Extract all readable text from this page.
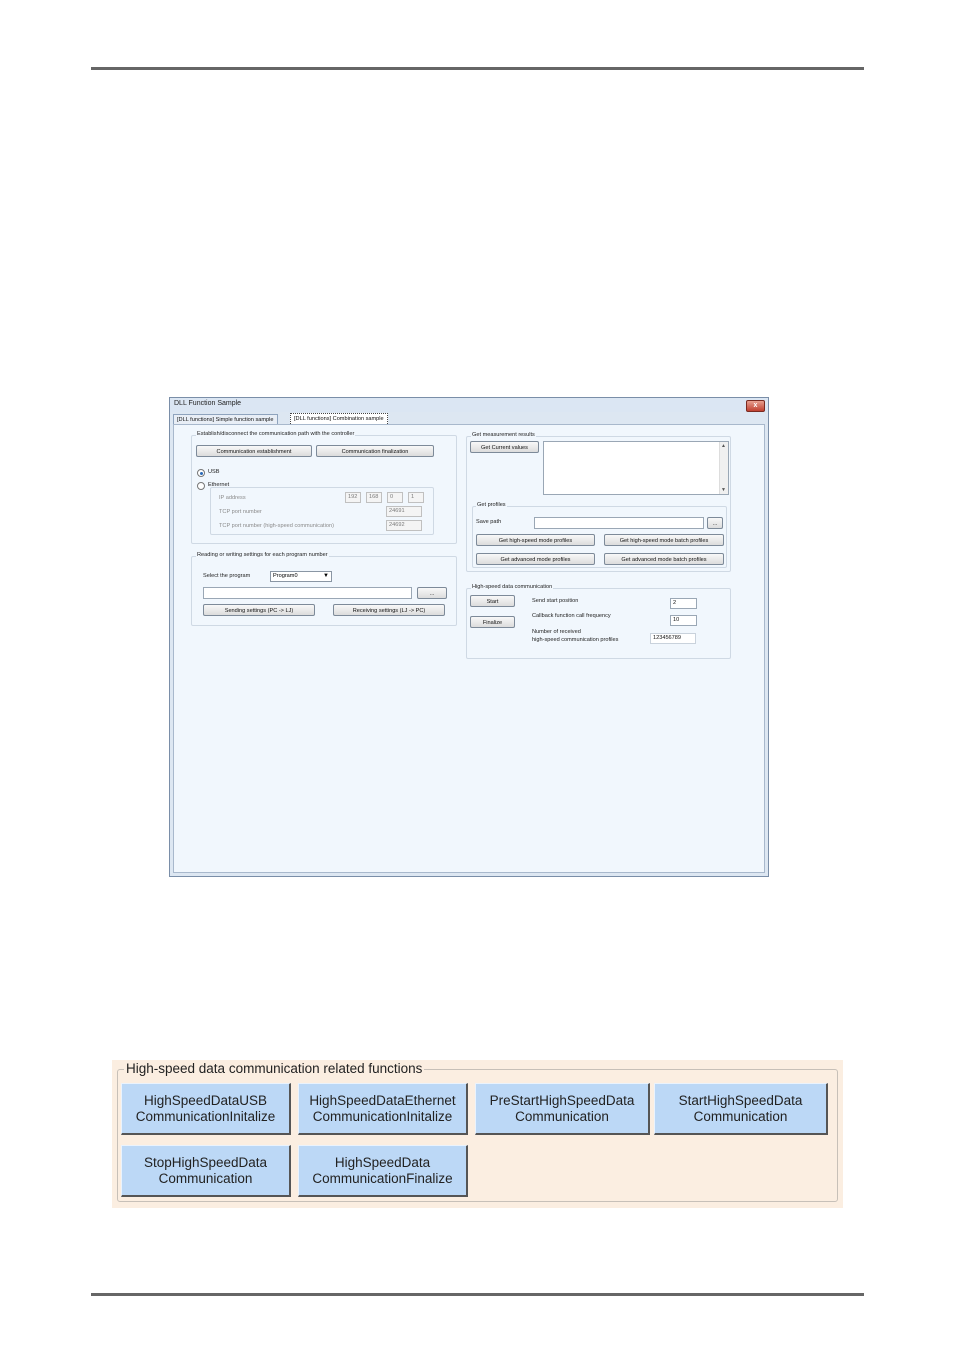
DLL Function Sample	x
[DLL functions] Simple function sample	[DLL functions] Combination sample
Establish/disconnect the communication path with the controller
Communication establishment	Communication finalization
USB
Ethernet
IP address	192	168	0	1
TCP port number	24691
TCP port number (high-speed communication)	24692
Reading or writing settings for each program number
Select the program	Program0	▼
...
Sending settings (PC -> LJ)	Receiving settings (LJ -> PC)
Get measurement results
Get Current values	▲
▼
Get profiles
Save path	...
Get high-speed mode profiles	Get high-speed mode batch profiles
Get advanced mode profiles	Get advanced mode batch profiles
High-speed data communication
Start
Finalize
Send start position	2
Callback function call frequency
10
Number of received
high-speed communication profiles	123456789
High-speed data communication related functions
HighSpeedDataUSB
CommunicationInitalize
HighSpeedDataEthernet
CommunicationInitalize
PreStartHighSpeedData
Communication
StartHighSpeedData
Communication
StopHighSpeedData
Communication
HighSpeedData
CommunicationFinalize
